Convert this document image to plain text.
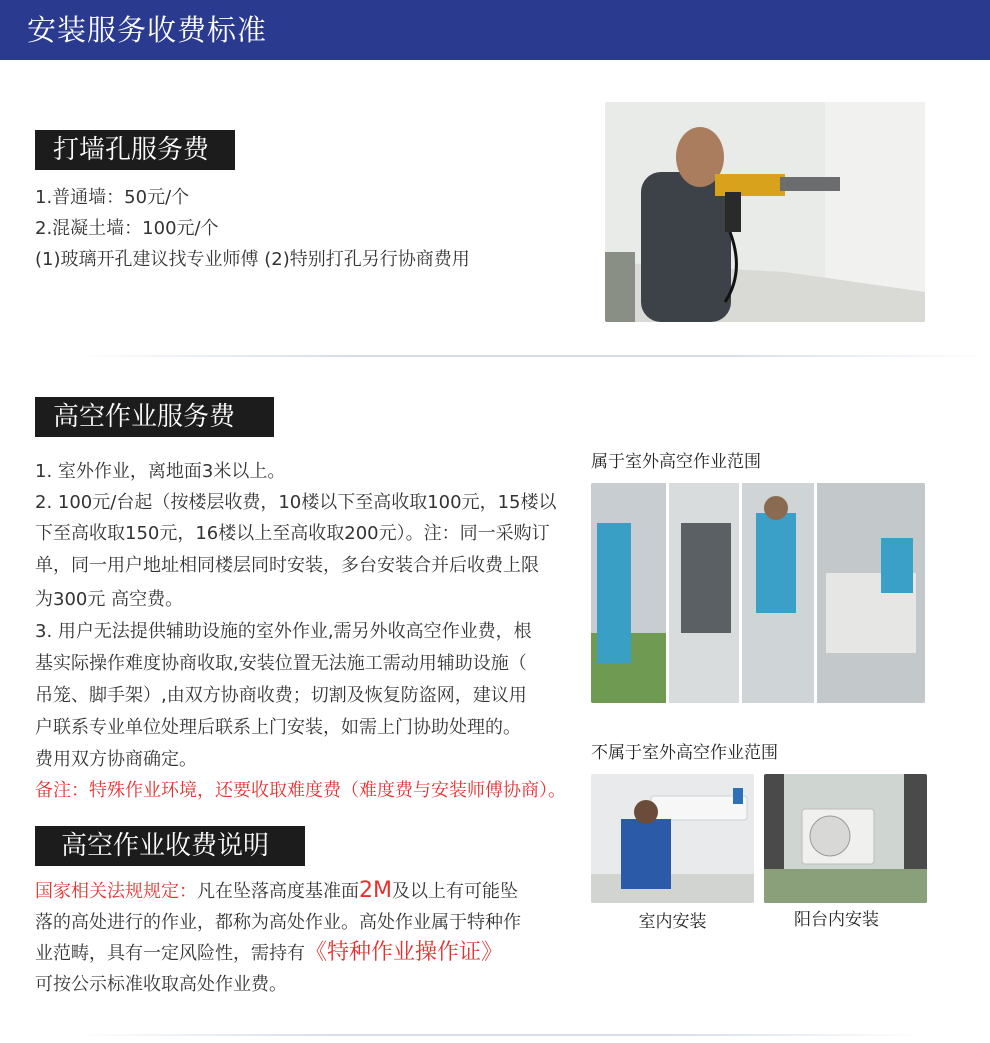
安装服务收费标准
打墙孔服务费
1.普通墙：50元/个
2.混凝土墙：100元/个
(1)玻璃开孔建议找专业师傅 (2)特别打孔另行协商费用
高空作业服务费
1. 室外作业，离地面3米以上。
2. 100元/台起（按楼层收费，10楼以下至高收取100元，15楼以
下至高收取150元，16楼以上至高收取200元）。注：同一采购订
单，同一用户地址相同楼层同时安装，多台安装合并后收费上限
为300元 高空费。
3. 用户无法提供辅助设施的室外作业,需另外收高空作业费，根
基实际操作难度协商收取,安装位置无法施工需动用辅助设施（
吊笼、脚手架）,由双方协商收费；切割及恢复防盗网，建议用
户联系专业单位处理后联系上门安装，如需上门协助处理的。
费用双方协商确定。
备注：特殊作业环境，还要收取难度费（难度费与安装师傅协商）。
属于室外高空作业范围
不属于室外高空作业范围
室内安装	阳台内安装
高空作业收费说明
国家相关法规规定：凡在坠落高度基准面2M及以上有可能坠
落的高处进行的作业，都称为高处作业。高处作业属于特种作
业范畴，具有一定风险性，需持有《特种作业操作证》
可按公示标准收取高处作业费。
